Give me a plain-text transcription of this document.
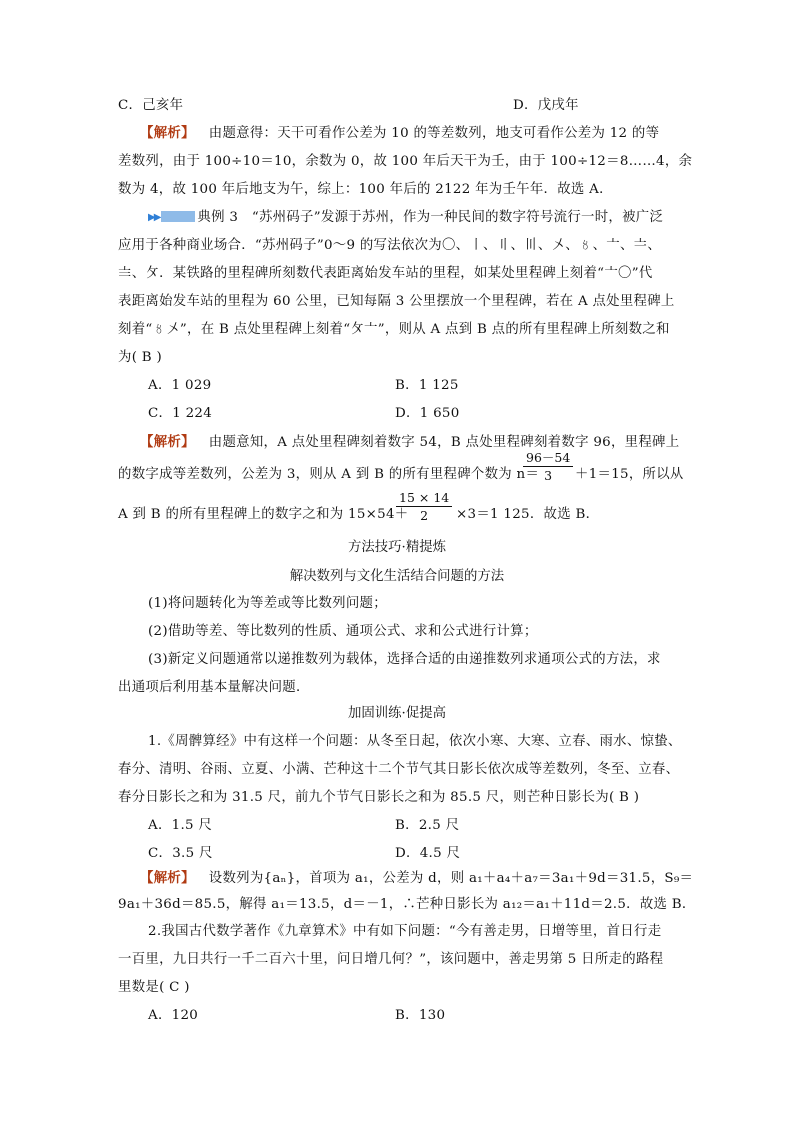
C．己亥年	D．戊戌年
【解析】 由题意得：天干可看作公差为 10 的等差数列，地支可看作公差为 12 的等
差数列，由于 100÷10＝10，余数为 0，故 100 年后天干为壬，由于 100÷12＝8……4，余
数为 4，故 100 年后地支为午，综上：100 年后的 2122 年为壬午年．故选 A．
▶▶	典例 3　“苏州码子”发源于苏州，作为一种民间的数字符号流行一时，被广泛
应用于各种商业场合．“苏州码子”0～9 的写法依次为〇、〡、〢、〣、〤、〥、〦、〧、
〨、〩．某铁路的里程碑所刻数代表距离始发车站的里程，如某处里程碑上刻着“〦〇”代
表距离始发车站的里程为 60 公里，已知每隔 3 公里摆放一个里程碑，若在 A 点处里程碑上
刻着“〥〤”，在 B 点处里程碑上刻着“〩〦”，则从 A 点到 B 点的所有里程碑上所刻数之和
为( B )
A．1 029	B．1 125
C．1 224	D．1 650
【解析】 由题意知，A 点处里程碑刻着数字 54，B 点处里程碑刻着数字 96，里程碑上
的数字成等差数列，公差为 3，则从 A 到 B 的所有里程碑个数为 n＝
$\frac{96-54}{3} +1=15$，所以从
A 到 B 的所有里程碑上的数字之和为 15×54＋
$\frac{15 \times 14}{2} \times 3=1$ 125．故选 B．
方法技巧·精提炼
解决数列与文化生活结合问题的方法
(1)将问题转化为等差或等比数列问题；
(2)借助等差、等比数列的性质、通项公式、求和公式进行计算；
(3)新定义问题通常以递推数列为载体，选择合适的由递推数列求通项公式的方法，求
出通项后利用基本量解决问题．
加固训练·促提高
1.《周髀算经》中有这样一个问题：从冬至日起，依次小寒、大寒、立春、雨水、惊蛰、
春分、清明、谷雨、立夏、小满、芒种这十二个节气其日影长依次成等差数列，冬至、立春、
春分日影长之和为 31.5 尺，前九个节气日影长之和为 85.5 尺，则芒种日影长为( B )
A．1.5 尺	B．2.5 尺
C．3.5 尺	D．4.5 尺
【解析】 设数列为{aₙ}，首项为 a₁，公差为 d，则 a₁＋a₄＋a₇＝3a₁＋9d＝31.5，S₉＝
9a₁＋36d＝85.5，解得 a₁＝13.5，d＝－1，∴芒种日影长为 a₁₂＝a₁＋11d＝2.5．故选 B．
2.我国古代数学著作《九章算术》中有如下问题：“今有善走男，日增等里，首日行走
一百里，九日共行一千二百六十里，问日增几何？”，该问题中，善走男第 5 日所走的路程
里数是( C )
A．120	B．130
